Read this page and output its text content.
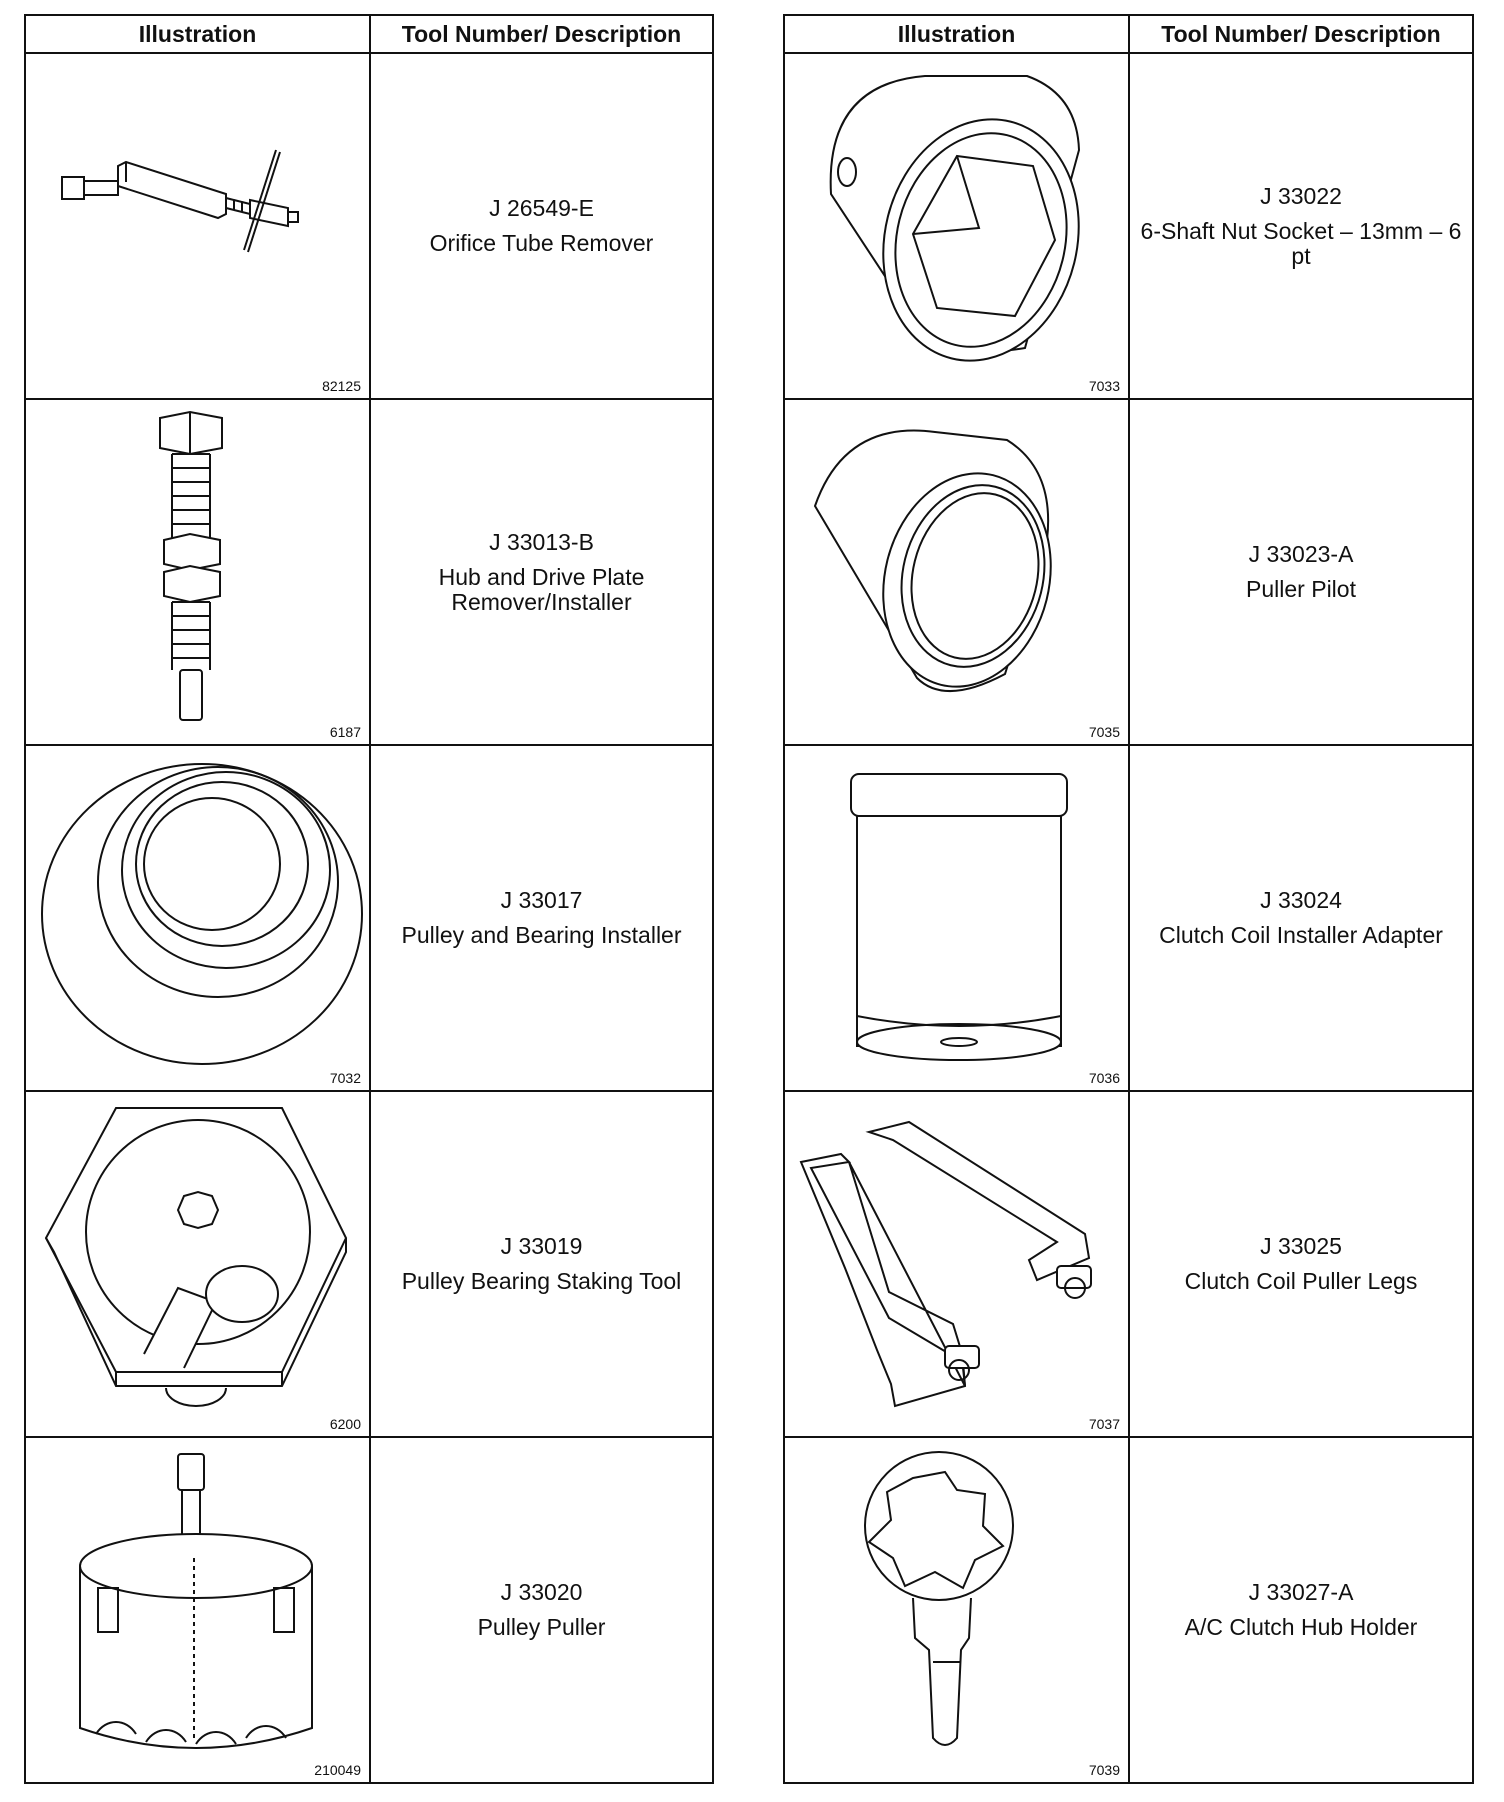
Illustration	Tool Number/ Description

82125	J 26549-E
Orifice Tube Remover

6187	J 33013-B
Hub and Drive Plate Remover/Installer

7032	J 33017
Pulley and Bearing Installer

6200	J 33019
Pulley Bearing Staking Tool

210049	J 33020
Pulley Puller
Illustration	Tool Number/ Description

7033	J 33022
6-Shaft Nut Socket – 13mm – 6 pt

7035	J 33023-A
Puller Pilot

7036	J 33024
Clutch Coil Installer Adapter

7037	J 33025
Clutch Coil Puller Legs

7039	J 33027-A
A/C Clutch Hub Holder
